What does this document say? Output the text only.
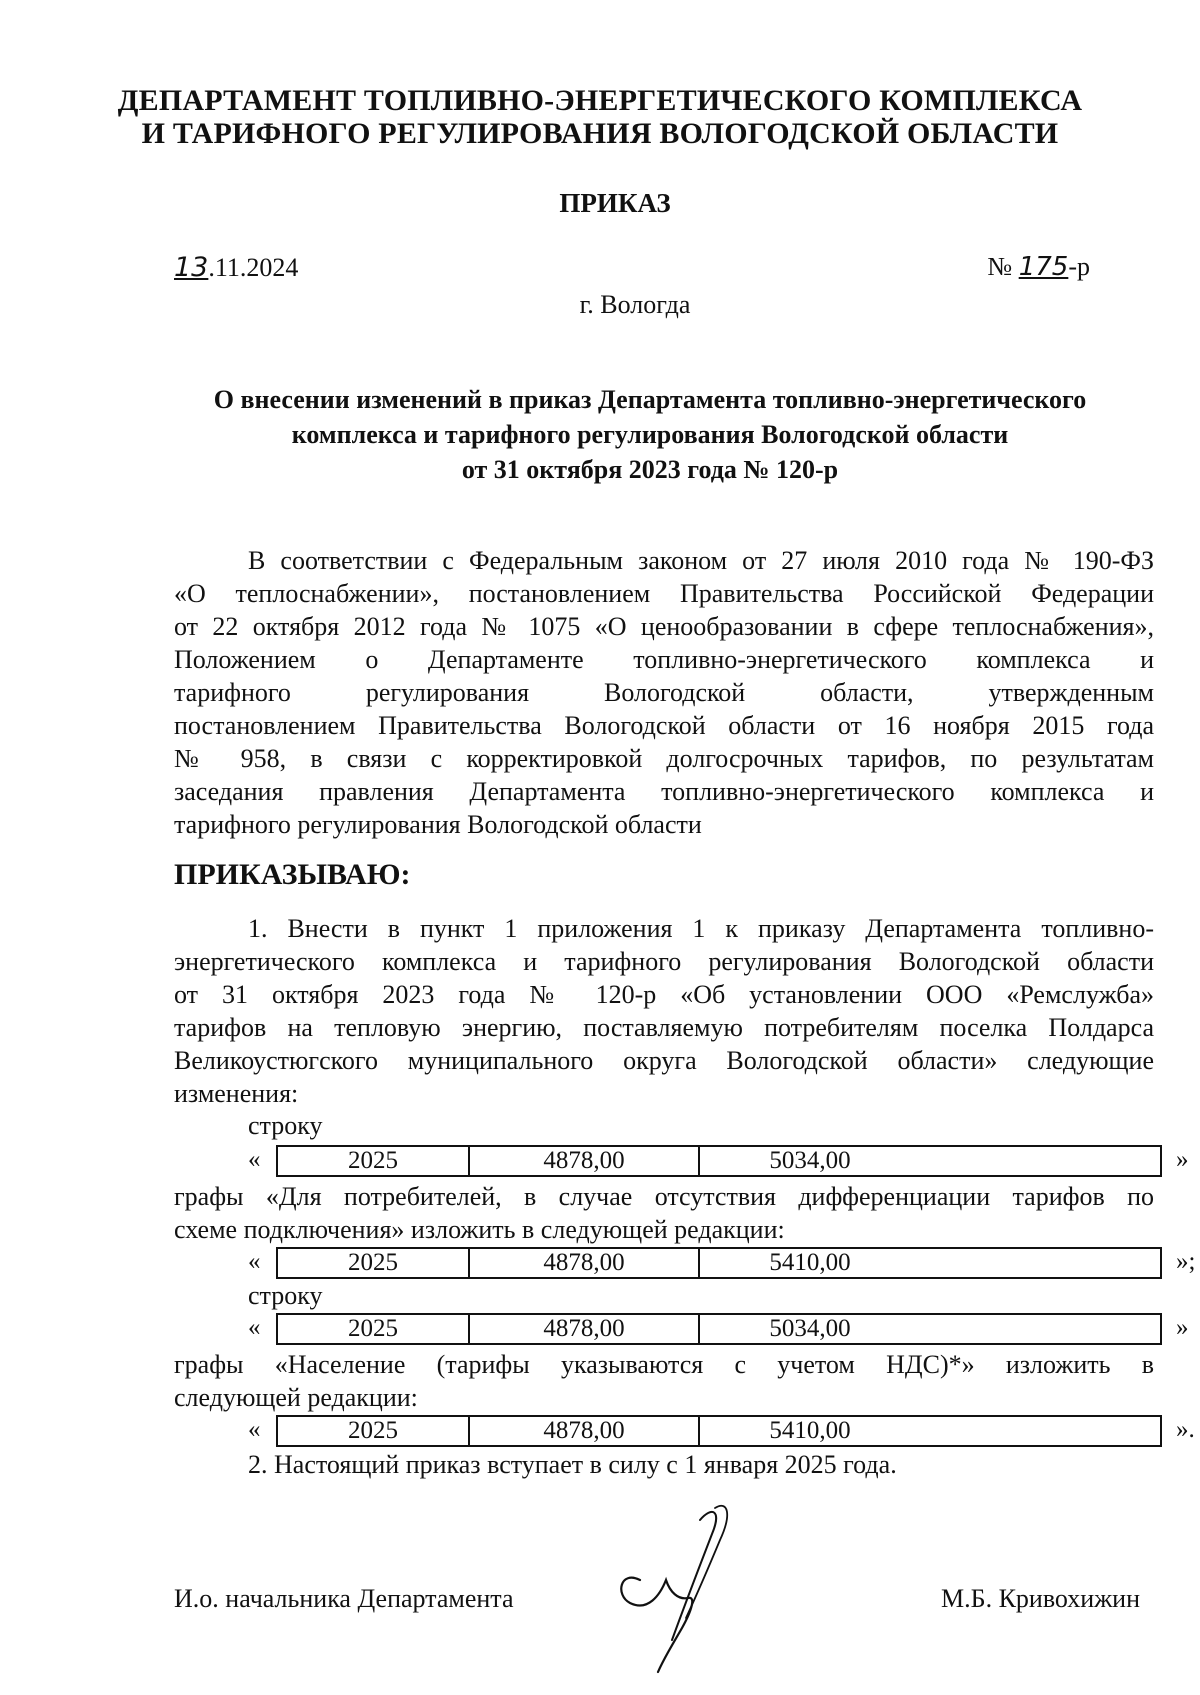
ДЕПАРТАМЕНТ ТОПЛИВНО-ЭНЕРГЕТИЧЕСКОГО КОМПЛЕКСА
И ТАРИФНОГО РЕГУЛИРОВАНИЯ ВОЛОГОДСКОЙ ОБЛАСТИ
ПРИКАЗ
13.11.2024	№ 175-р
г. Вологда
О внесении изменений в приказ Департамента топливно-энергетического
комплекса и тарифного регулирования Вологодской области
от 31 октября 2023 года № 120-р
В соответствии с Федеральным законом от 27 июля 2010 года № 190-ФЗ
«О теплоснабжении», постановлением Правительства Российской Федерации
от 22 октября 2012 года № 1075 «О ценообразовании в сфере теплоснабжения»,
Положением о Департаменте топливно-энергетического комплекса и
тарифного регулирования Вологодской области, утвержденным
постановлением Правительства Вологодской области от 16 ноября 2015 года
№ 958, в связи с корректировкой долгосрочных тарифов, по результатам
заседания правления Департамента топливно-энергетического комплекса и
тарифного регулирования Вологодской области
ПРИКАЗЫВАЮ:
1. Внести в пункт 1 приложения 1 к приказу Департамента топливно-
энергетического комплекса и тарифного регулирования Вологодской области
от 31 октября 2023 года № 120-р «Об установлении ООО «Ремслужба»
тарифов на тепловую энергию, поставляемую потребителям поселка Полдарса
Великоустюгского муниципального округа Вологодской области» следующие
изменения:
строку
«	2025	4878,00	5034,00	»
графы «Для потребителей, в случае отсутствия дифференциации тарифов по
схеме подключения» изложить в следующей редакции:
«	2025	4878,00	5410,00	»;
строку
«	2025	4878,00	5034,00	»
графы «Население (тарифы указываются с учетом НДС)*» изложить в
следующей редакции:
«	2025	4878,00	5410,00	».
2. Настоящий приказ вступает в силу с 1 января 2025 года.
И.о. начальника Департамента	М.Б. Кривохижин
